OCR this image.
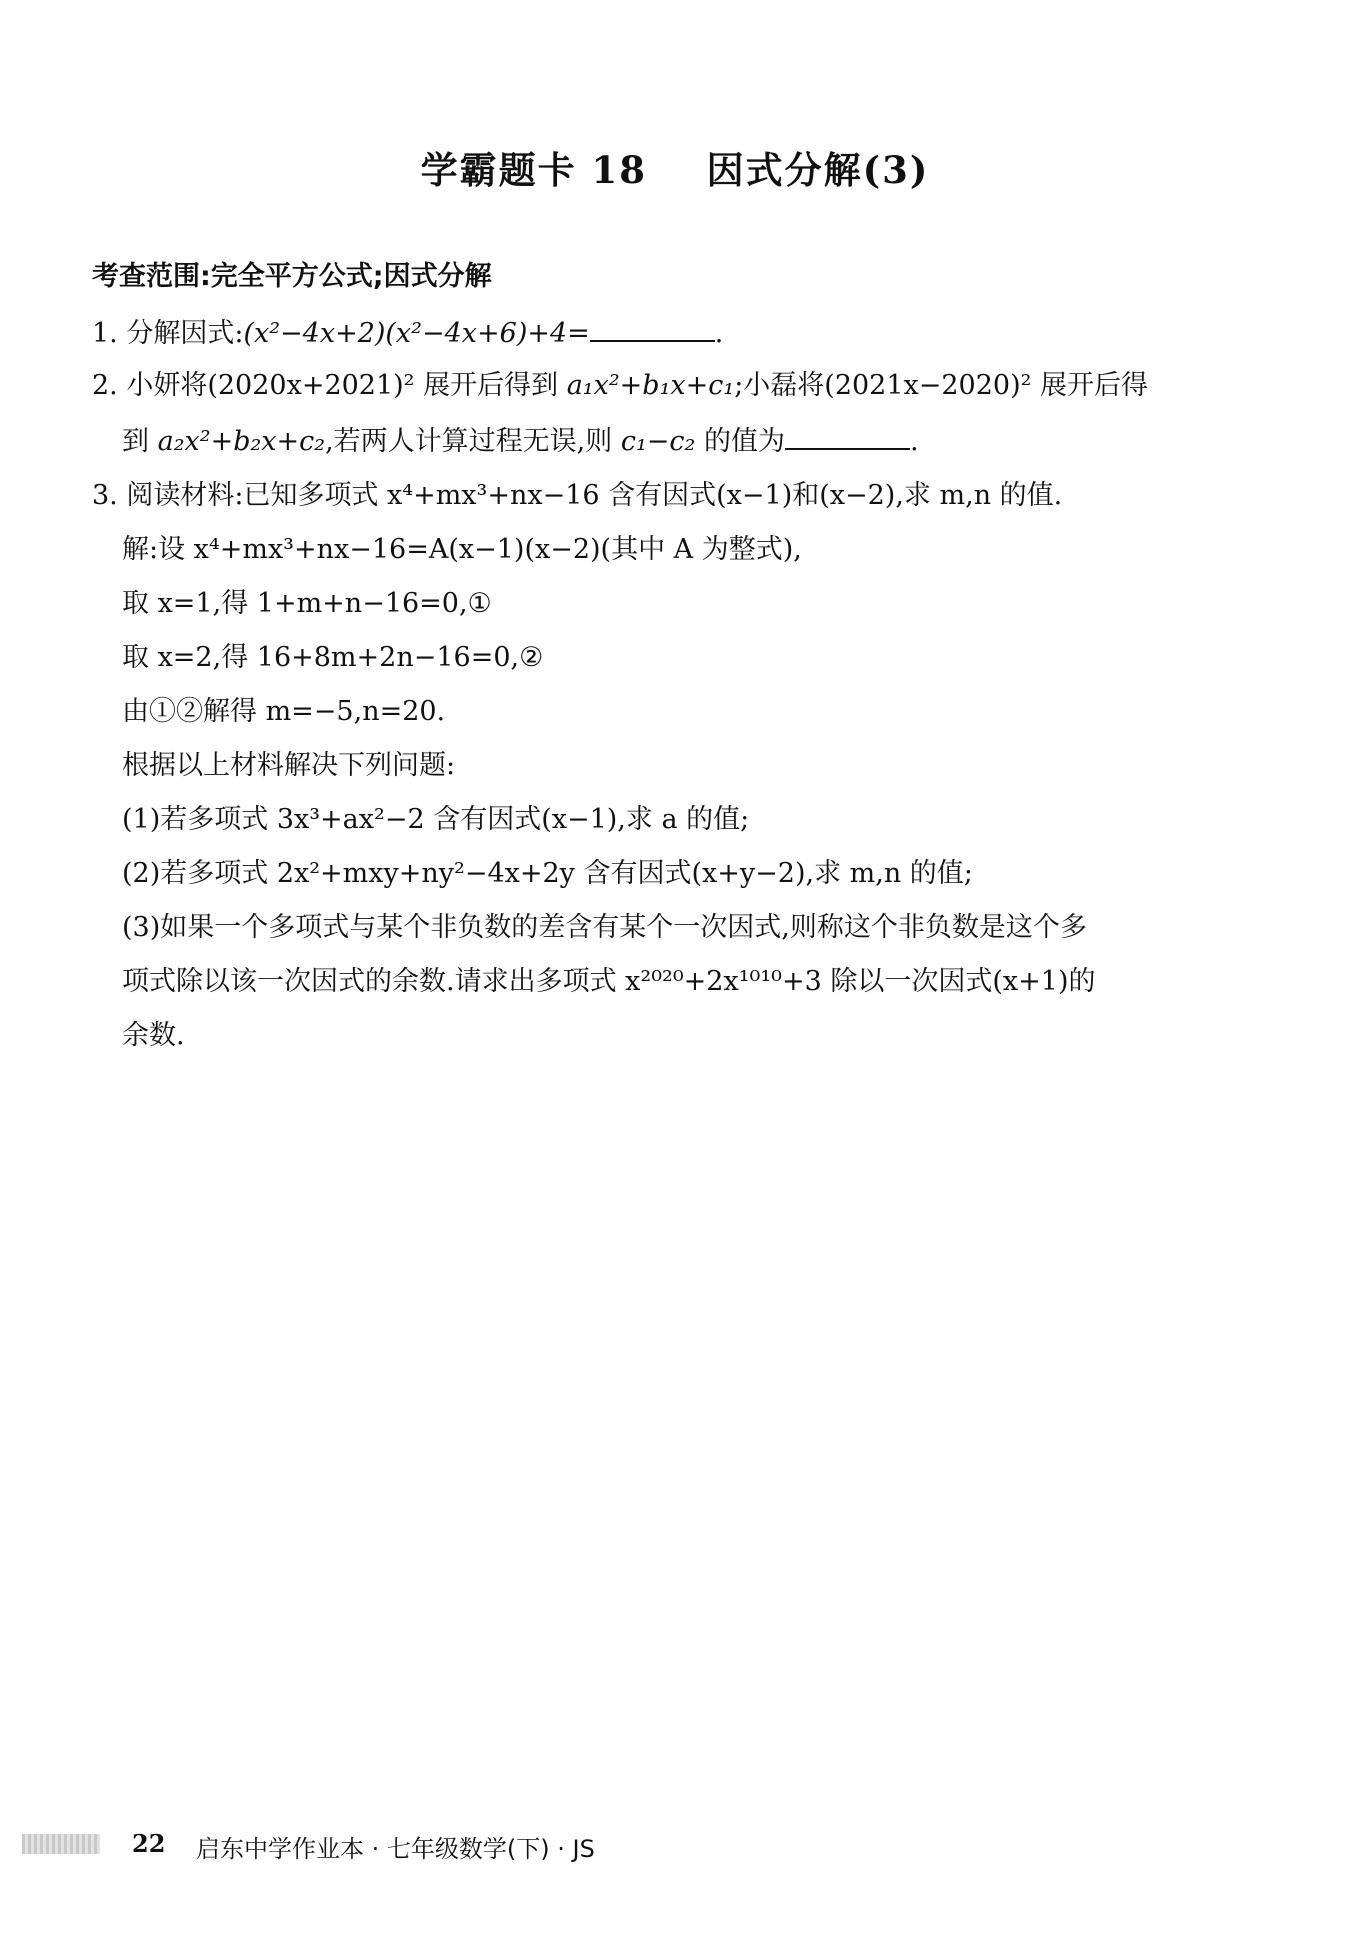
学霸题卡 18    因式分解(3)
考查范围:完全平方公式;因式分解
1. 分解因式:(x²−4x+2)(x²−4x+6)+4=	.
2. 小妍将(2020x+2021)² 展开后得到 a₁x²+b₁x+c₁;小磊将(2021x−2020)² 展开后得
到 a₂x²+b₂x+c₂,若两人计算过程无误,则 c₁−c₂ 的值为	.
3. 阅读材料:已知多项式 x⁴+mx³+nx−16 含有因式(x−1)和(x−2),求 m,n 的值.
解:设 x⁴+mx³+nx−16=A(x−1)(x−2)(其中 A 为整式),
取 x=1,得 1+m+n−16=0,①
取 x=2,得 16+8m+2n−16=0,②
由①②解得 m=−5,n=20.
根据以上材料解决下列问题:
(1)若多项式 3x³+ax²−2 含有因式(x−1),求 a 的值;
(2)若多项式 2x²+mxy+ny²−4x+2y 含有因式(x+y−2),求 m,n 的值;
(3)如果一个多项式与某个非负数的差含有某个一次因式,则称这个非负数是这个多
项式除以该一次因式的余数.请求出多项式 x²⁰²⁰+2x¹⁰¹⁰+3 除以一次因式(x+1)的
余数.
22 启东中学作业本 · 七年级数学(下) · JS
